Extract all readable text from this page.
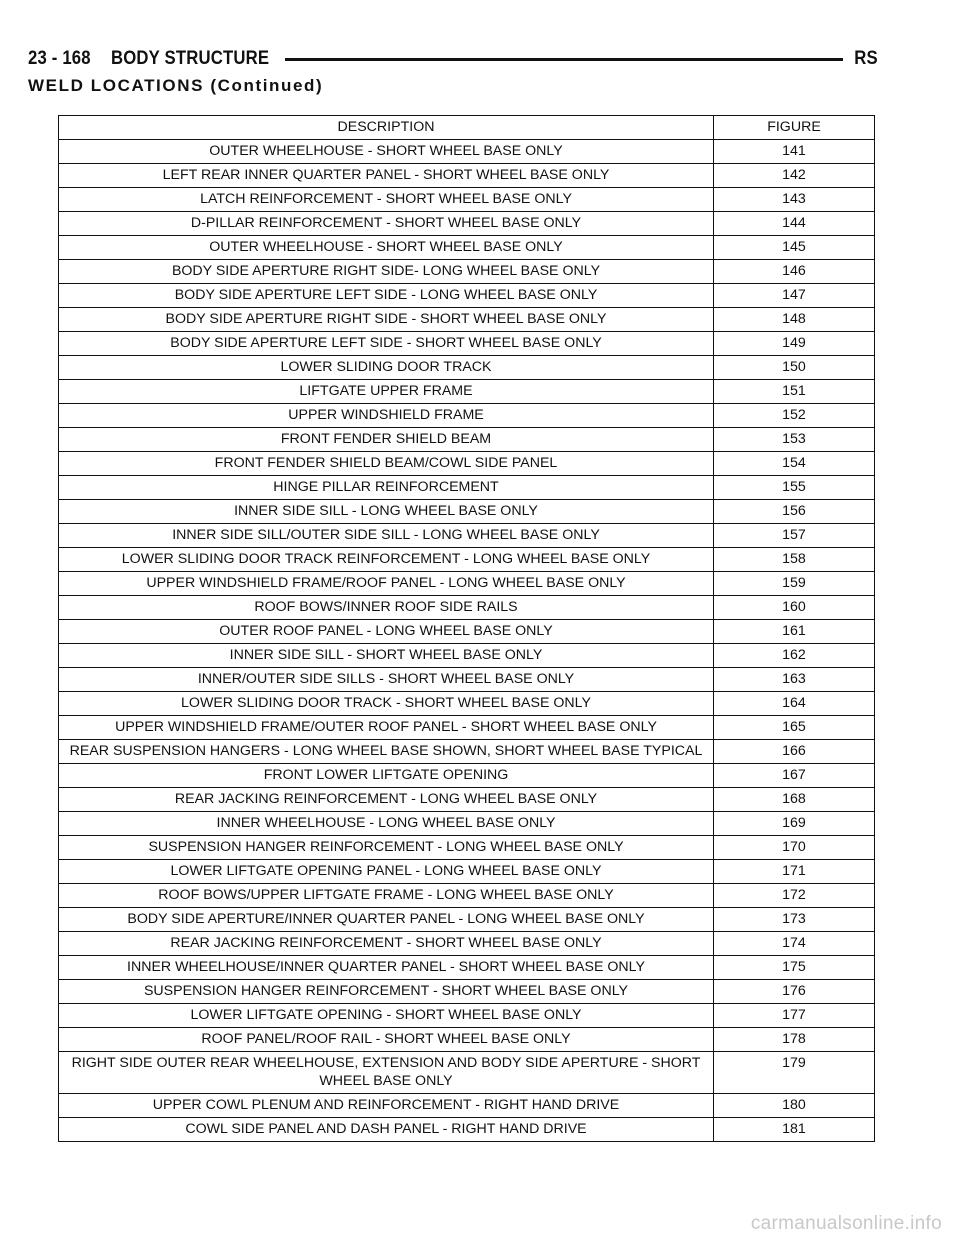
23 - 168 BODY STRUCTURE	RS
WELD LOCATIONS (Continued)
DESCRIPTION	FIGURE
OUTER WHEELHOUSE - SHORT WHEEL BASE ONLY	141
LEFT REAR INNER QUARTER PANEL - SHORT WHEEL BASE ONLY	142
LATCH REINFORCEMENT - SHORT WHEEL BASE ONLY	143
D-PILLAR REINFORCEMENT - SHORT WHEEL BASE ONLY	144
OUTER WHEELHOUSE - SHORT WHEEL BASE ONLY	145
BODY SIDE APERTURE RIGHT SIDE- LONG WHEEL BASE ONLY	146
BODY SIDE APERTURE LEFT SIDE - LONG WHEEL BASE ONLY	147
BODY SIDE APERTURE RIGHT SIDE - SHORT WHEEL BASE ONLY	148
BODY SIDE APERTURE LEFT SIDE - SHORT WHEEL BASE ONLY	149
LOWER SLIDING DOOR TRACK	150
LIFTGATE UPPER FRAME	151
UPPER WINDSHIELD FRAME	152
FRONT FENDER SHIELD BEAM	153
FRONT FENDER SHIELD BEAM/COWL SIDE PANEL	154
HINGE PILLAR REINFORCEMENT	155
INNER SIDE SILL - LONG WHEEL BASE ONLY	156
INNER SIDE SILL/OUTER SIDE SILL - LONG WHEEL BASE ONLY	157
LOWER SLIDING DOOR TRACK REINFORCEMENT - LONG WHEEL BASE ONLY	158
UPPER WINDSHIELD FRAME/ROOF PANEL - LONG WHEEL BASE ONLY	159
ROOF BOWS/INNER ROOF SIDE RAILS	160
OUTER ROOF PANEL - LONG WHEEL BASE ONLY	161
INNER SIDE SILL - SHORT WHEEL BASE ONLY	162
INNER/OUTER SIDE SILLS - SHORT WHEEL BASE ONLY	163
LOWER SLIDING DOOR TRACK - SHORT WHEEL BASE ONLY	164
UPPER WINDSHIELD FRAME/OUTER ROOF PANEL - SHORT WHEEL BASE ONLY	165
REAR SUSPENSION HANGERS - LONG WHEEL BASE SHOWN, SHORT WHEEL BASE TYPICAL	166
FRONT LOWER LIFTGATE OPENING	167
REAR JACKING REINFORCEMENT - LONG WHEEL BASE ONLY	168
INNER WHEELHOUSE - LONG WHEEL BASE ONLY	169
SUSPENSION HANGER REINFORCEMENT - LONG WHEEL BASE ONLY	170
LOWER LIFTGATE OPENING PANEL - LONG WHEEL BASE ONLY	171
ROOF BOWS/UPPER LIFTGATE FRAME - LONG WHEEL BASE ONLY	172
BODY SIDE APERTURE/INNER QUARTER PANEL - LONG WHEEL BASE ONLY	173
REAR JACKING REINFORCEMENT - SHORT WHEEL BASE ONLY	174
INNER WHEELHOUSE/INNER QUARTER PANEL - SHORT WHEEL BASE ONLY	175
SUSPENSION HANGER REINFORCEMENT - SHORT WHEEL BASE ONLY	176
LOWER LIFTGATE OPENING - SHORT WHEEL BASE ONLY	177
ROOF PANEL/ROOF RAIL - SHORT WHEEL BASE ONLY	178
RIGHT SIDE OUTER REAR WHEELHOUSE, EXTENSION AND BODY SIDE APERTURE - SHORT WHEEL BASE ONLY	179
UPPER COWL PLENUM AND REINFORCEMENT - RIGHT HAND DRIVE	180
COWL SIDE PANEL AND DASH PANEL - RIGHT HAND DRIVE	181
carmanualsonline.info
